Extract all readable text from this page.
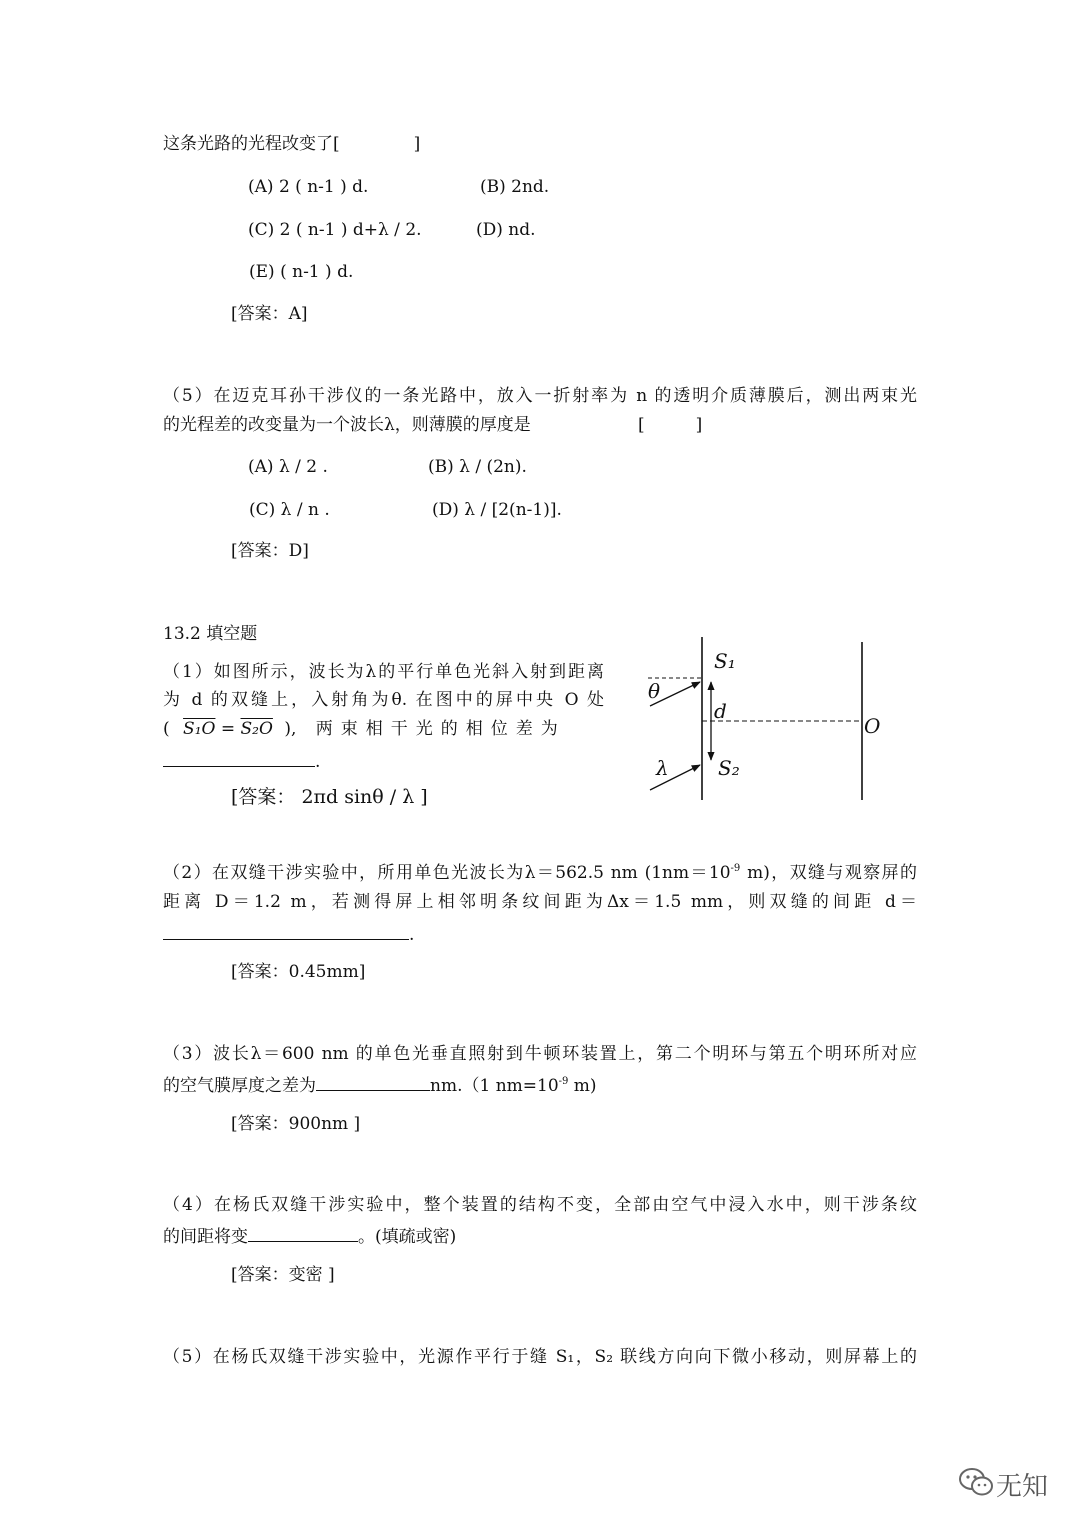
这条光路的光程改变了[	]
(A) 2 ( n-1 ) d.	(B) 2nd.
(C) 2 ( n-1 ) d+λ / 2.	(D) nd.
(E) ( n-1 ) d.
[答案：A]
（5）在迈克耳孙干涉仪的一条光路中，放入一折射率为 n 的透明介质薄膜后，测出两束光
的光程差的改变量为一个波长λ，则薄膜的厚度是	[　　　]
(A) λ / 2 .	(B) λ / (2n).
(C) λ / n .	(D) λ / [2(n-1)].
[答案：D]
13.2 填空题
（1）如图所示，波长为λ的平行单色光斜入射到距离
为 d 的双缝上，入射角为θ. 在图中的屏中央 O 处
( S₁O = S₂O ), 两束相干光的相位差为
.
[答案： 2πd sinθ / λ ]
S₁
S₂
d
O
θ
λ
（2）在双缝干涉实验中，所用单色光波长为λ＝562.5 nm ($1nm=10^{-9}$ m)，双缝与观察屏的
距离 D＝1.2 m，若测得屏上相邻明条纹间距为Δx＝1.5 mm，则双缝的间距 d＝
.
[答案：0.45mm]
（3）波长λ＝600 nm 的单色光垂直照射到牛顿环装置上，第二个明环与第五个明环所对应
的空气膜厚度之差为	nm.（1 $nm=10^{-9}$ m)
[答案：900nm ]
（4）在杨氏双缝干涉实验中，整个装置的结构不变，全部由空气中浸入水中，则干涉条纹
的间距将变	。(填疏或密)
[答案：变密 ]
（5）在杨氏双缝干涉实验中，光源作平行于缝 S₁，S₂ 联线方向向下微小移动，则屏幕上的
无知
